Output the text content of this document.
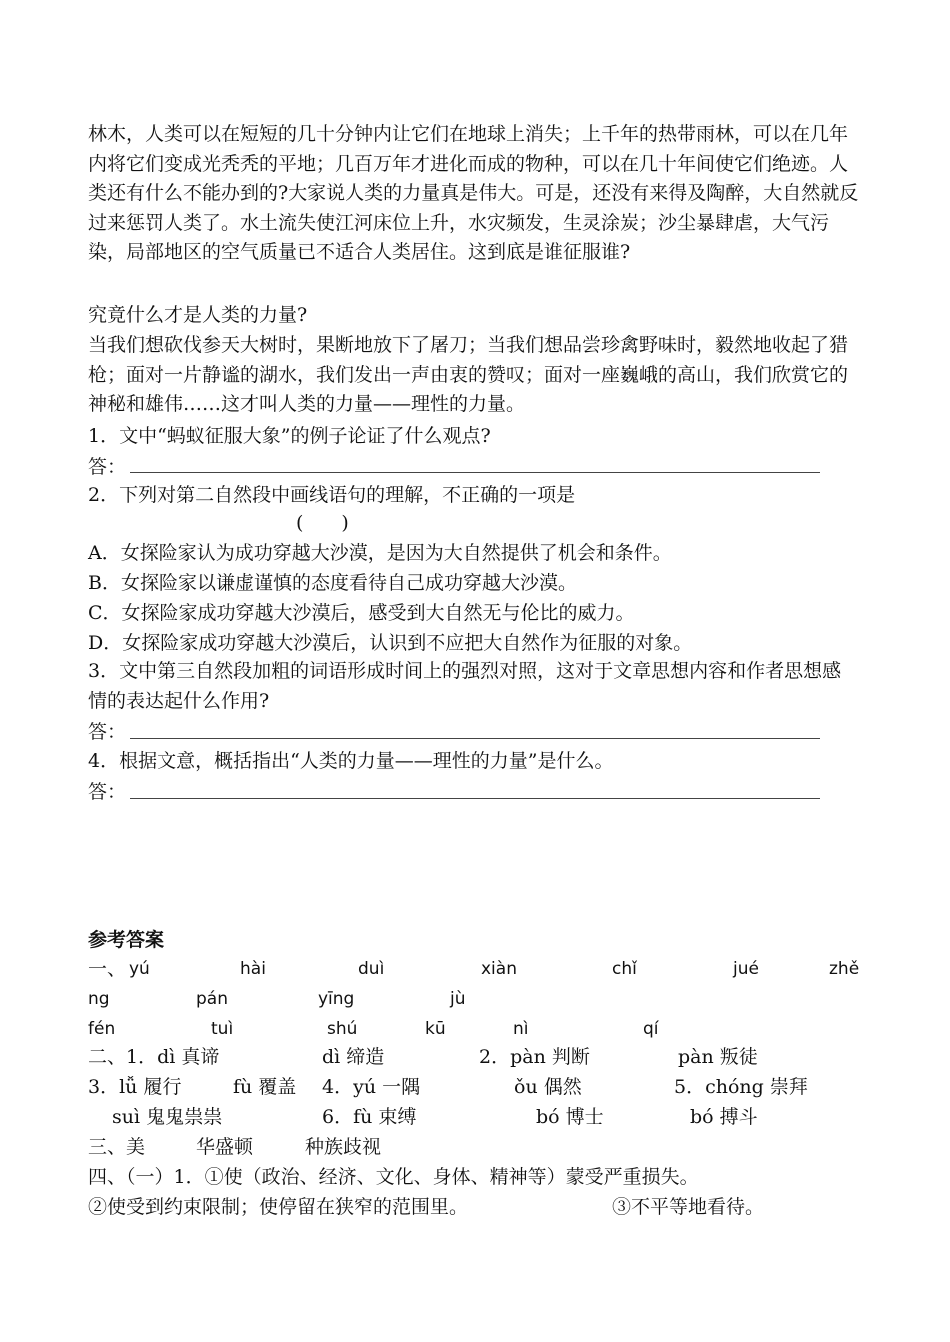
林木，人类可以在短短的几十分钟内让它们在地球上消失；上千年的热带雨林，可以在几年内将它们变成光秃秃的平地；几百万年才进化而成的物种，可以在几十年间使它们绝迹。人类还有什么不能办到的?大家说人类的力量真是伟大。可是，还没有来得及陶醉，大自然就反过来惩罚人类了。水土流失使江河床位上升，水灾频发，生灵涂炭；沙尘暴肆虐，大气污染，局部地区的空气质量已不适合人类居住。这到底是谁征服谁?
究竟什么才是人类的力量?
当我们想砍伐参天大树时，果断地放下了屠刀；当我们想品尝珍禽野味时，毅然地收起了猎枪；面对一片静谧的湖水，我们发出一声由衷的赞叹；面对一座巍峨的高山，我们欣赏它的神秘和雄伟……这才叫人类的力量——理性的力量。
1．文中“蚂蚁征服大象”的例子论证了什么观点?
答：
2．下列对第二自然段中画线语句的理解，不正确的一项是
(　　)
A．女探险家认为成功穿越大沙漠，是因为大自然提供了机会和条件。
B．女探险家以谦虚谨慎的态度看待自己成功穿越大沙漠。
C．女探险家成功穿越大沙漠后，感受到大自然无与伦比的威力。
D．女探险家成功穿越大沙漠后，认识到不应把大自然作为征服的对象。
3．文中第三自然段加粗的词语形成时间上的强烈对照，这对于文章思想内容和作者思想感情的表达起什么作用?
答：
4．根据文意，概括指出“人类的力量——理性的力量”是什么。
答：
参考答案
一、 yú	hài	duì	xiàn	chǐ	jué	zhě
ng	pán	yīng	jù
fén	tuì	shú	kū	nì	qí
二、1．dì 真谛	dì 缔造	2．pàn 判断	pàn 叛徒
3．lǚ 履行	fù 覆盖 4．yú 一隅	ǒu 偶然	5．chóng 崇拜
suì 鬼鬼祟祟	6．fù 束缚	bó 博士	bó 搏斗
三、美	华盛顿	种族歧视
四、（一）1．①使（政治、经济、文化、身体、精神等）蒙受严重损失。
②使受到约束限制；使停留在狭窄的范围里。	③不平等地看待。
